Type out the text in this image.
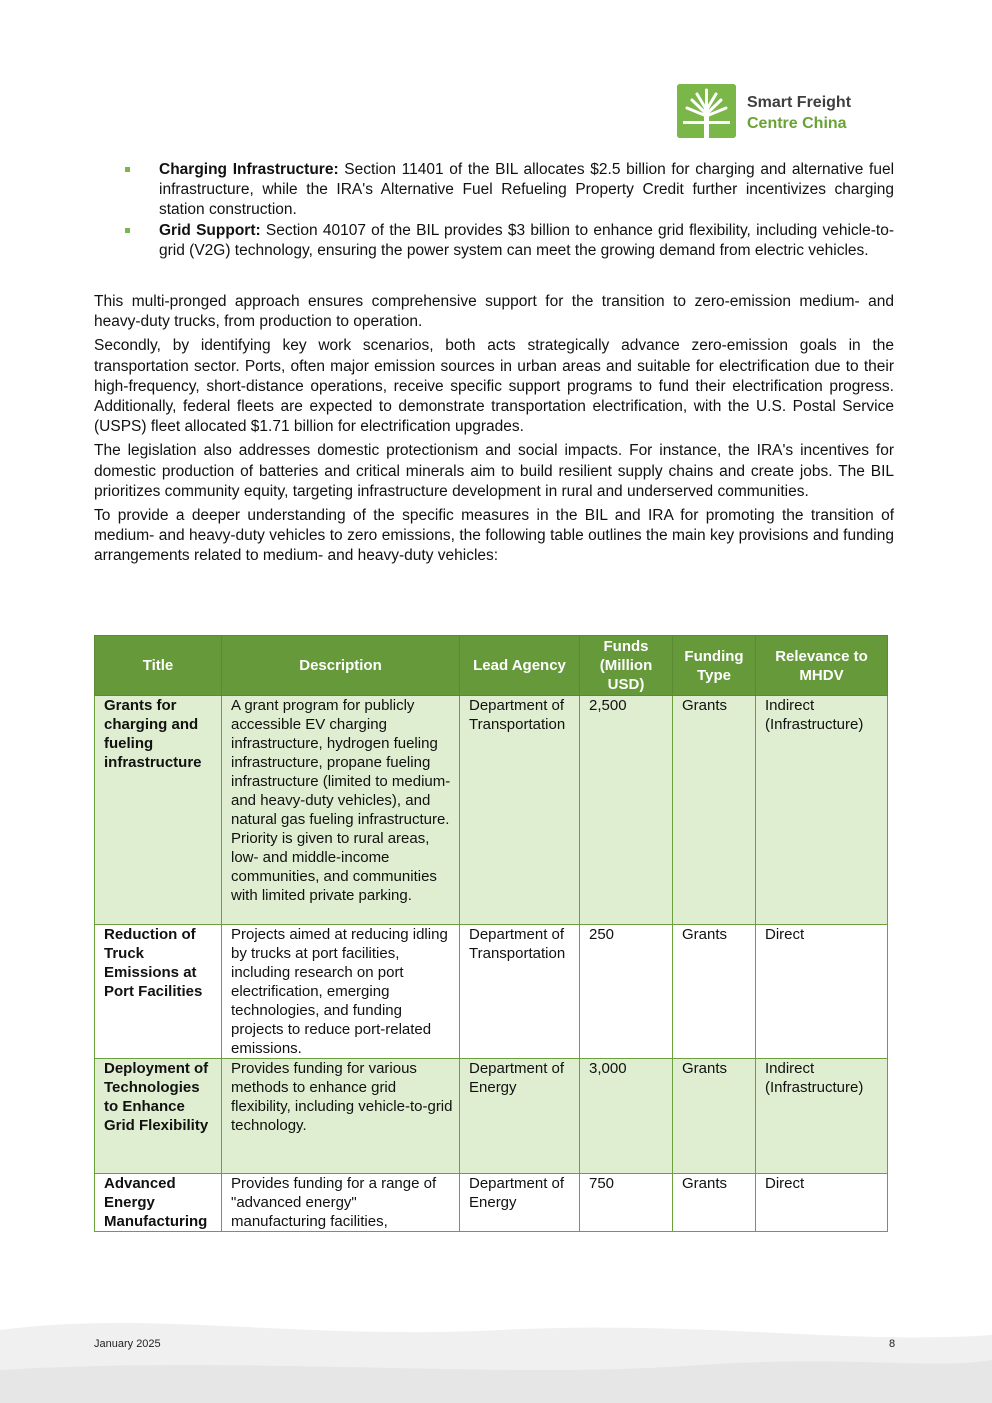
Smart Freight
Centre China
Charging Infrastructure: Section 11401 of the BIL allocates $2.5 billion for charging and alternative fuel infrastructure, while the IRA's Alternative Fuel Refueling Property Credit further incentivizes charging station construction.
Grid Support: Section 40107 of the BIL provides $3 billion to enhance grid flexibility, including vehicle-to-grid (V2G) technology, ensuring the power system can meet the growing demand from electric vehicles.

This multi-pronged approach ensures comprehensive support for the transition to zero-emission medium- and heavy-duty trucks, from production to operation.

Secondly, by identifying key work scenarios, both acts strategically advance zero-emission goals in the transportation sector. Ports, often major emission sources in urban areas and suitable for electrification due to their high-frequency, short-distance operations, receive specific support programs to fund their electrification progress. Additionally, federal fleets are expected to demonstrate transportation electrification, with the U.S. Postal Service (USPS) fleet allocated $1.71 billion for electrification upgrades.

The legislation also addresses domestic protectionism and social impacts. For instance, the IRA's incentives for domestic production of batteries and critical minerals aim to build resilient supply chains and create jobs. The BIL prioritizes community equity, targeting infrastructure development in rural and underserved communities.

To provide a deeper understanding of the specific measures in the BIL and IRA for promoting the transition of medium- and heavy-duty vehicles to zero emissions, the following table outlines the main key provisions and funding arrangements related to medium- and heavy-duty vehicles:

Title	Description	Lead Agency	Funds (Million USD)	Funding Type	Relevance to MHDV
Grants for charging and fueling infrastructure	A grant program for publicly accessible EV charging infrastructure, hydrogen fueling infrastructure, propane fueling infrastructure (limited to medium- and heavy-duty vehicles), and natural gas fueling infrastructure. Priority is given to rural areas, low- and middle-income communities, and communities with limited private parking.	Department of Transportation	2,500	Grants	Indirect (Infrastructure)
Reduction of Truck Emissions at Port Facilities	Projects aimed at reducing idling by trucks at port facilities, including research on port electrification, emerging technologies, and funding projects to reduce port-related emissions.	Department of Transportation	250	Grants	Direct
Deployment of Technologies to Enhance Grid Flexibility	Provides funding for various methods to enhance grid flexibility, including vehicle-to-grid technology.	Department of Energy	3,000	Grants	Indirect (Infrastructure)
Advanced Energy Manufacturing	Provides funding for a range of "advanced energy" manufacturing facilities,	Department of Energy	750	Grants	Direct
January 2025	8
